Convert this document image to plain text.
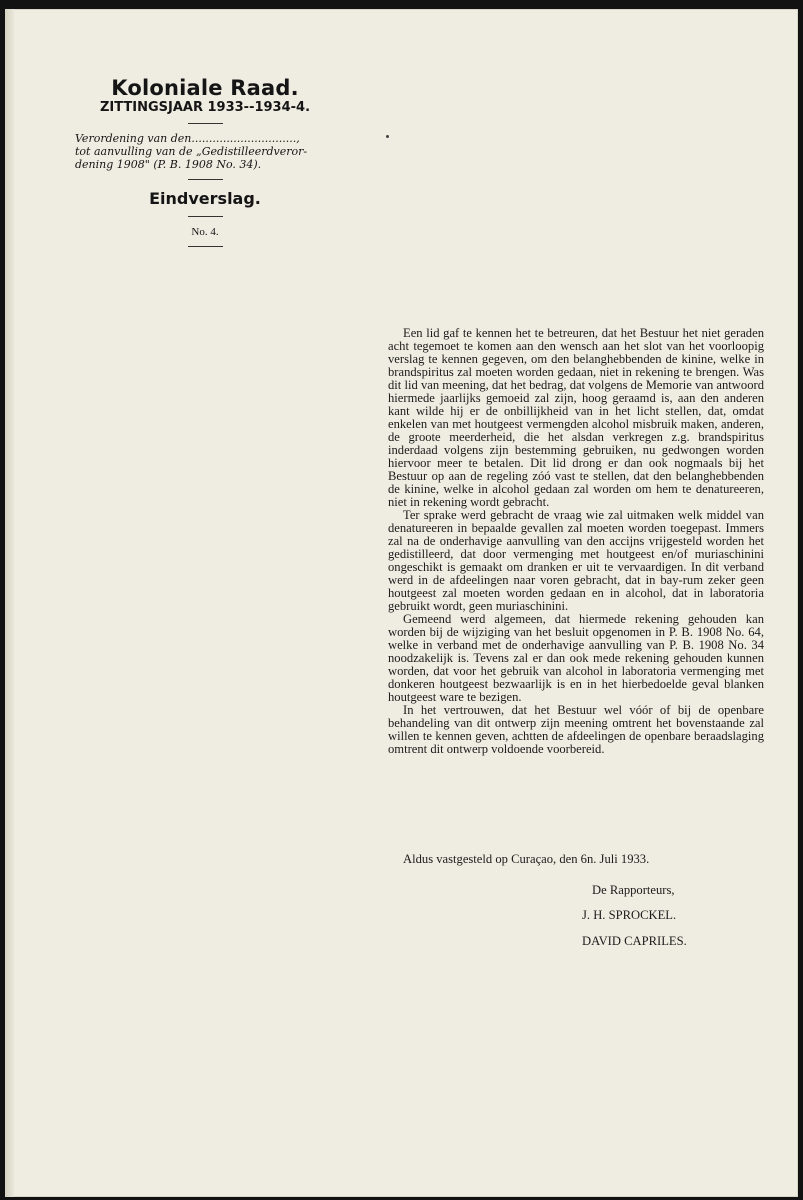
Koloniale Raad.
ZITTINGSJAAR 1933--1934-4.
Verordening van den..............................,
tot aanvulling van de „Gedistilleerdveror-
dening 1908" (P. B. 1908 No. 34).
Eindverslag.
No. 4.

Een lid gaf te kennen het te betreuren, dat het Bestuur het niet geraden acht tegemoet te komen aan den wensch aan het slot van het voorloopig verslag te kennen gegeven, om den belanghebbenden de kinine, welke in brandspiritus zal moeten worden gedaan, niet in rekening te brengen. Was dit lid van meening, dat het bedrag, dat volgens de Memorie van antwoord hiermede jaarlijks gemoeid zal zijn, hoog geraamd is, aan den anderen kant wilde hij er de onbillijkheid van in het licht stellen, dat, omdat enkelen van met houtgeest vermengden alcohol misbruik maken, anderen, de groote meerderheid, die het alsdan verkregen z.g. brandspiritus inderdaad volgens zijn bestemming gebruiken, nu gedwongen worden hiervoor meer te betalen. Dit lid drong er dan ook nogmaals bij het Bestuur op aan de regeling zóó vast te stellen, dat den belanghebbenden de kinine, welke in alcohol gedaan zal worden om hem te denatureeren, niet in rekening wordt gebracht.

Ter sprake werd gebracht de vraag wie zal uitmaken welk middel van denatureeren in bepaalde gevallen zal moeten worden toegepast. Immers zal na de onderhavige aanvulling van den accijns vrijgesteld worden het gedistilleerd, dat door vermenging met houtgeest en/of muriaschinini ongeschikt is gemaakt om dranken er uit te vervaardigen. In dit verband werd in de afdeelingen naar voren gebracht, dat in bay-rum zeker geen houtgeest zal moeten worden gedaan en in alcohol, dat in laboratoria gebruikt wordt, geen muriaschinini.

Gemeend werd algemeen, dat hiermede rekening gehouden kan worden bij de wijziging van het besluit opgenomen in P. B. 1908 No. 64, welke in verband met de onderhavige aanvulling van P. B. 1908 No. 34 noodzakelijk is. Tevens zal er dan ook mede rekening gehouden kunnen worden, dat voor het gebruik van alcohol in laboratoria vermenging met donkeren houtgeest bezwaarlijk is en in het hierbedoelde geval blanken houtgeest ware te bezigen.

In het vertrouwen, dat het Bestuur wel vóór of bij de openbare behandeling van dit ontwerp zijn meening omtrent het bovenstaande zal willen te kennen geven, achtten de afdeelingen de openbare beraadslaging omtrent dit ontwerp voldoende voorbereid.

Aldus vastgesteld op Curaçao, den 6n. Juli 1933.
De Rapporteurs,
J. H. SPROCKEL.
DAVID CAPRILES.
